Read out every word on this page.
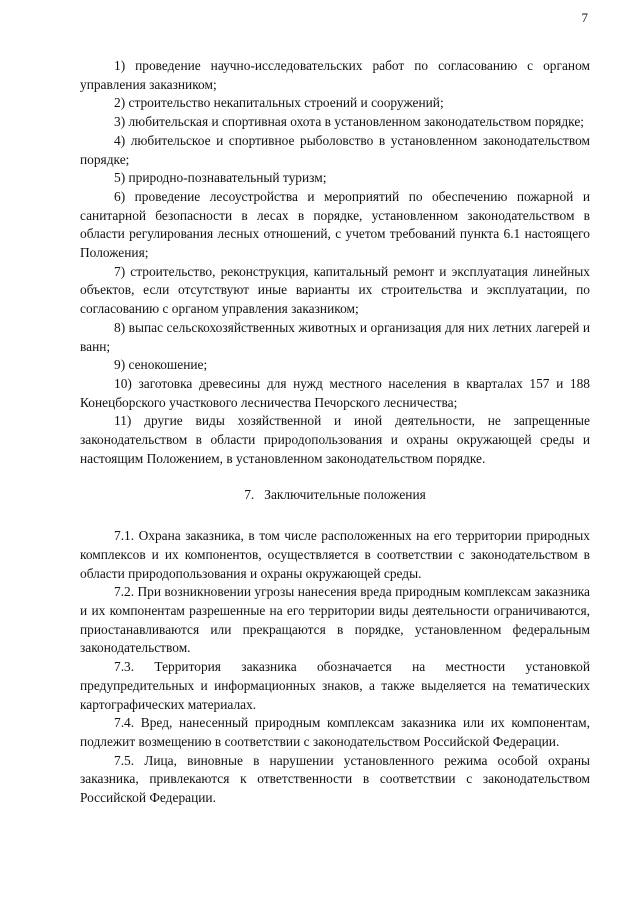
7

1) проведение научно-исследовательских работ по согласованию с органом управления заказником;

2) строительство некапитальных строений и сооружений;

3) любительская и спортивная охота в установленном законодательством порядке;

4) любительское и спортивное рыболовство в установленном законодательством порядке;

5) природно-познавательный туризм;

6) проведение лесоустройства и мероприятий по обеспечению пожарной и санитарной безопасности в лесах в порядке, установленном законодательством в области регулирования лесных отношений, с учетом требований пункта 6.1 настоящего Положения;

7) строительство, реконструкция, капитальный ремонт и эксплуатация линейных объектов, если отсутствуют иные варианты их строительства и эксплуатации, по согласованию с органом управления заказником;

8) выпас сельскохозяйственных животных и организация для них летних лагерей и ванн;

9) сенокошение;

10) заготовка древесины для нужд местного населения в кварталах 157 и 188 Конецборского участкового лесничества Печорского лесничества;

11) другие виды хозяйственной и иной деятельности, не запрещенные законодательством в области природопользования и охраны окружающей среды и настоящим Положением, в установленном законодательством порядке.

7. Заключительные положения

7.1. Охрана заказника, в том числе расположенных на его территории природных комплексов и их компонентов, осуществляется в соответствии с законодательством в области природопользования и охраны окружающей среды.

7.2. При возникновении угрозы нанесения вреда природным комплексам заказника и их компонентам разрешенные на его территории виды деятельности ограничиваются, приостанавливаются или прекращаются в порядке, установленном федеральным законодательством.

7.3. Территория заказника обозначается на местности установкой предупредительных и информационных знаков, а также выделяется на тематических картографических материалах.

7.4. Вред, нанесенный природным комплексам заказника или их компонентам, подлежит возмещению в соответствии с законодательством Российской Федерации.

7.5. Лица, виновные в нарушении установленного режима особой охраны заказника, привлекаются к ответственности в соответствии с законодательством Российской Федерации.
